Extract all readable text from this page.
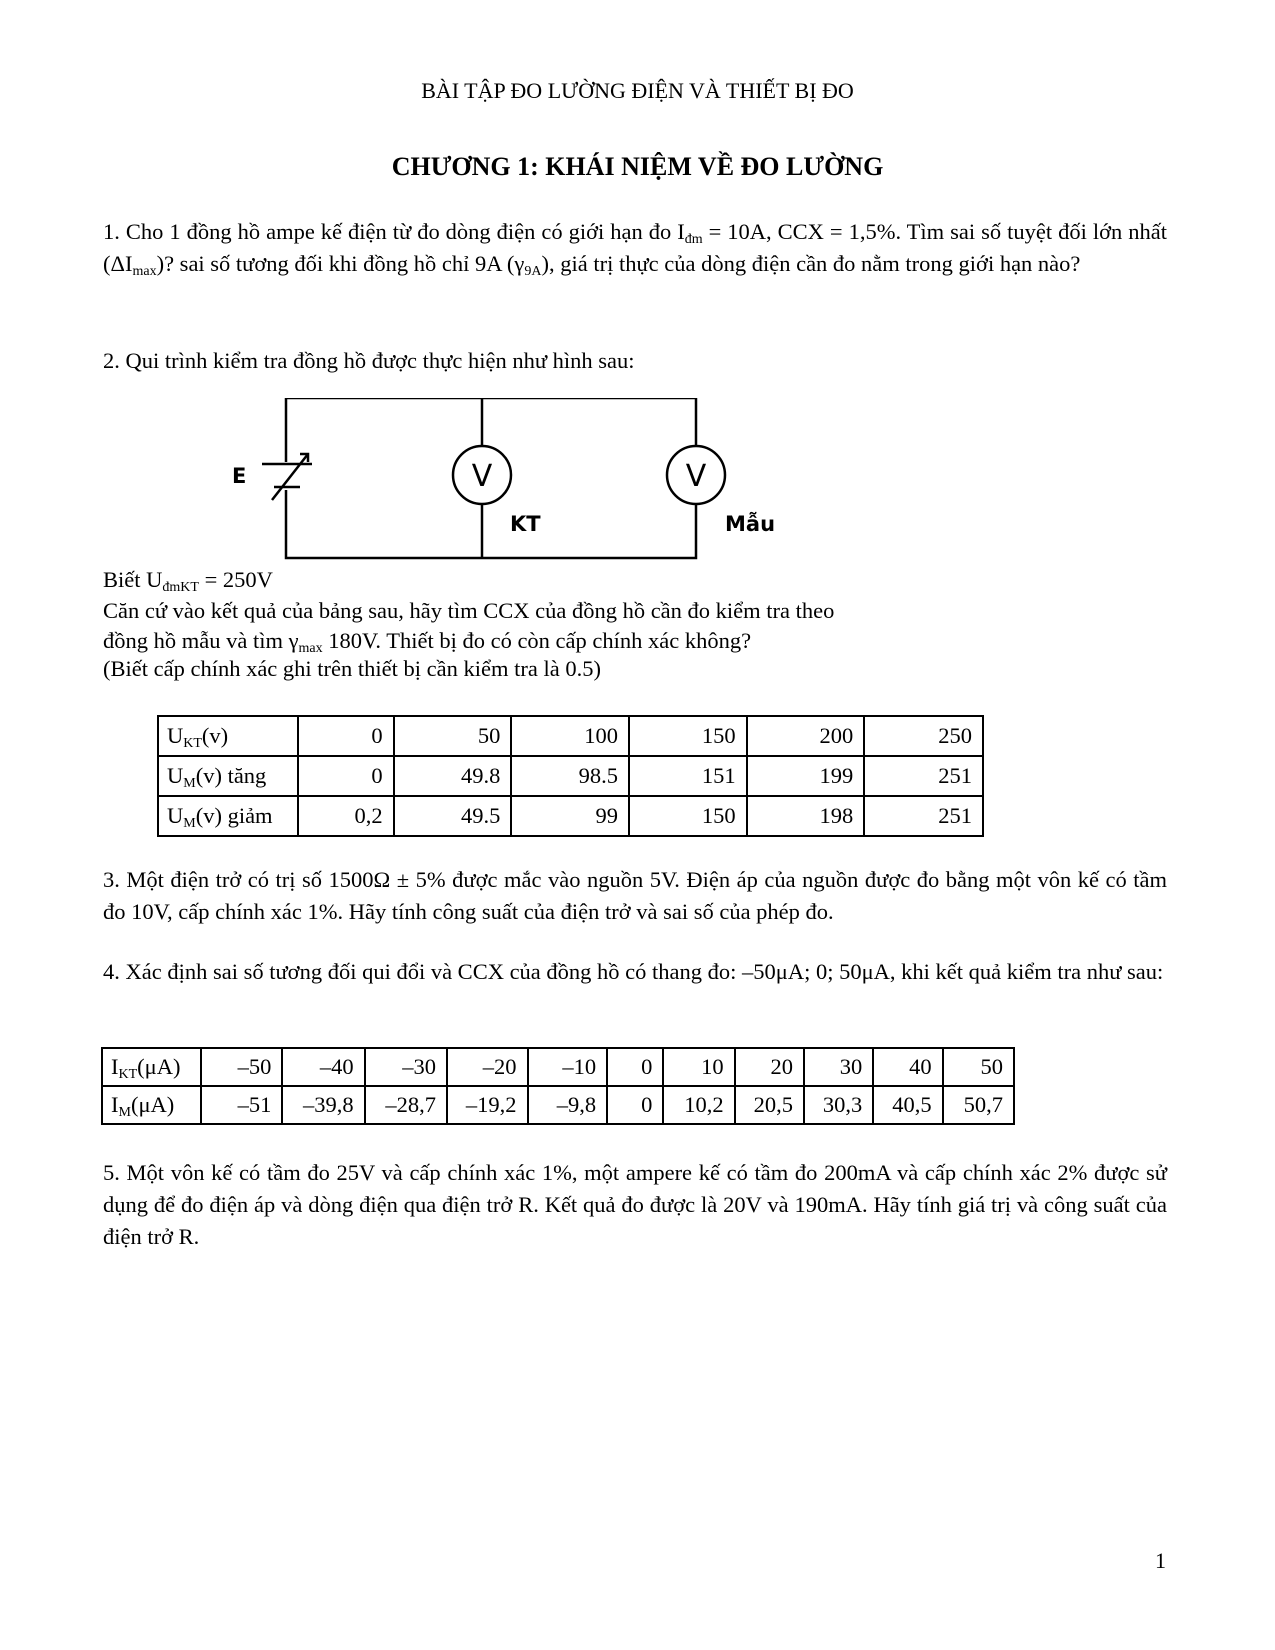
BÀI TẬP ĐO LƯỜNG ĐIỆN VÀ THIẾT BỊ ĐO
CHƯƠNG 1: KHÁI NIỆM VỀ ĐO LƯỜNG
1. Cho 1 đồng hồ ampe kế điện từ đo dòng điện có giới hạn đo $I_{đm} = 10A$, CCX = 1,5%. Tìm sai số tuyệt đối lớn nhất $(\Delta I_{max})$? sai số tương đối khi đồng hồ chỉ 9A $(\gamma_{9A})$, giá trị thực của dòng điện cần đo nằm trong giới hạn nào?
2. Qui trình kiểm tra đồng hồ được thực hiện như hình sau:
E	V	V
KT	Mẫu
Biết $U_{đmKT} = 250V$
Căn cứ vào kết quả của bảng sau, hãy tìm CCX của đồng hồ cần đo kiểm tra theo
đồng hồ mẫu và tìm $\gamma_{max}$ 180V. Thiết bị đo có còn cấp chính xác không?
(Biết cấp chính xác ghi trên thiết bị cần kiểm tra là 0.5)
$U_{KT}(v)$	0	50	100	150	200	250
$U_M(v)$ tăng	0	49.8	98.5	151	199	251
$U_M(v)$ giảm	0,2	49.5	99	150	198	251
3. Một điện trở có trị số 1500Ω ± 5% được mắc vào nguồn 5V. Điện áp của nguồn được đo bằng một vôn kế có tầm đo 10V, cấp chính xác 1%. Hãy tính công suất của điện trở và sai số của phép đo.
4. Xác định sai số tương đối qui đổi và CCX của đồng hồ có thang đo: –50μA; 0; 50μA, khi kết quả kiểm tra như sau:
$I_{KT}(\mu A)$	–50	–40	–30	–20	–10	0	10	20	30	40	50
$I_M(\mu A)$	–51	–39,8	–28,7	–19,2	–9,8	0	10,2	20,5	30,3	40,5	50,7
5. Một vôn kế có tầm đo 25V và cấp chính xác 1%, một ampere kế có tầm đo 200mA và cấp chính xác 2% được sử dụng để đo điện áp và dòng điện qua điện trở R. Kết quả đo được là 20V và 190mA. Hãy tính giá trị và công suất của điện trở R.
1
